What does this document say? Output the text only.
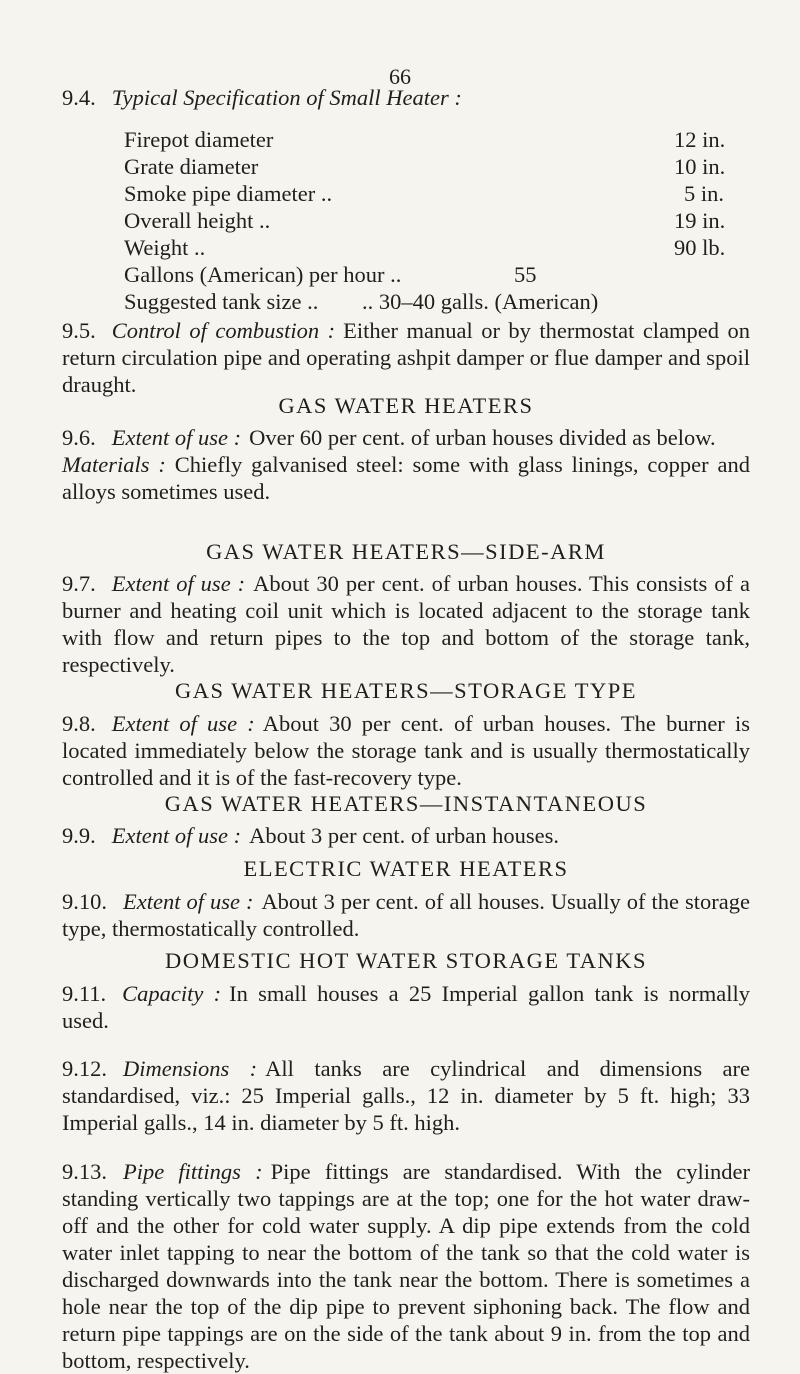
66
9.4. Typical Specification of Small Heater :
Firepot diameter	12 in.
Grate diameter	10 in.
Smoke pipe diameter ..	5 in.
Overall height ..	19 in.
Weight ..	90 lb.
Gallons (American) per hour ..	55
Suggested tank size ..	.. 30–40 galls. (American)
9.5. Control of combustion : Either manual or by thermostat clamped on return circulation pipe and operating ashpit damper or flue damper and spoil draught.
GAS WATER HEATERS
9.6. Extent of use : Over 60 per cent. of urban houses divided as below.
Materials : Chiefly galvanised steel: some with glass linings, copper and alloys sometimes used.
GAS WATER HEATERS—SIDE-ARM
9.7. Extent of use : About 30 per cent. of urban houses. This consists of a burner and heating coil unit which is located adjacent to the storage tank with flow and return pipes to the top and bottom of the storage tank, respectively.
GAS WATER HEATERS—STORAGE TYPE
9.8. Extent of use : About 30 per cent. of urban houses. The burner is located immediately below the storage tank and is usually thermostatically controlled and it is of the fast-recovery type.
GAS WATER HEATERS—INSTANTANEOUS
9.9. Extent of use : About 3 per cent. of urban houses.
ELECTRIC WATER HEATERS
9.10. Extent of use : About 3 per cent. of all houses. Usually of the storage type, thermostatically controlled.
DOMESTIC HOT WATER STORAGE TANKS
9.11. Capacity : In small houses a 25 Imperial gallon tank is normally used.
9.12. Dimensions : All tanks are cylindrical and dimensions are standardised, viz.: 25 Imperial galls., 12 in. diameter by 5 ft. high; 33 Imperial galls., 14 in. diameter by 5 ft. high.
9.13. Pipe fittings : Pipe fittings are standardised. With the cylinder standing vertically two tappings are at the top; one for the hot water draw-off and the other for cold water supply. A dip pipe extends from the cold water inlet tapping to near the bottom of the tank so that the cold water is discharged downwards into the tank near the bottom. There is sometimes a hole near the top of the dip pipe to prevent siphoning back. The flow and return pipe tappings are on the side of the tank about 9 in. from the top and bottom, respectively.
